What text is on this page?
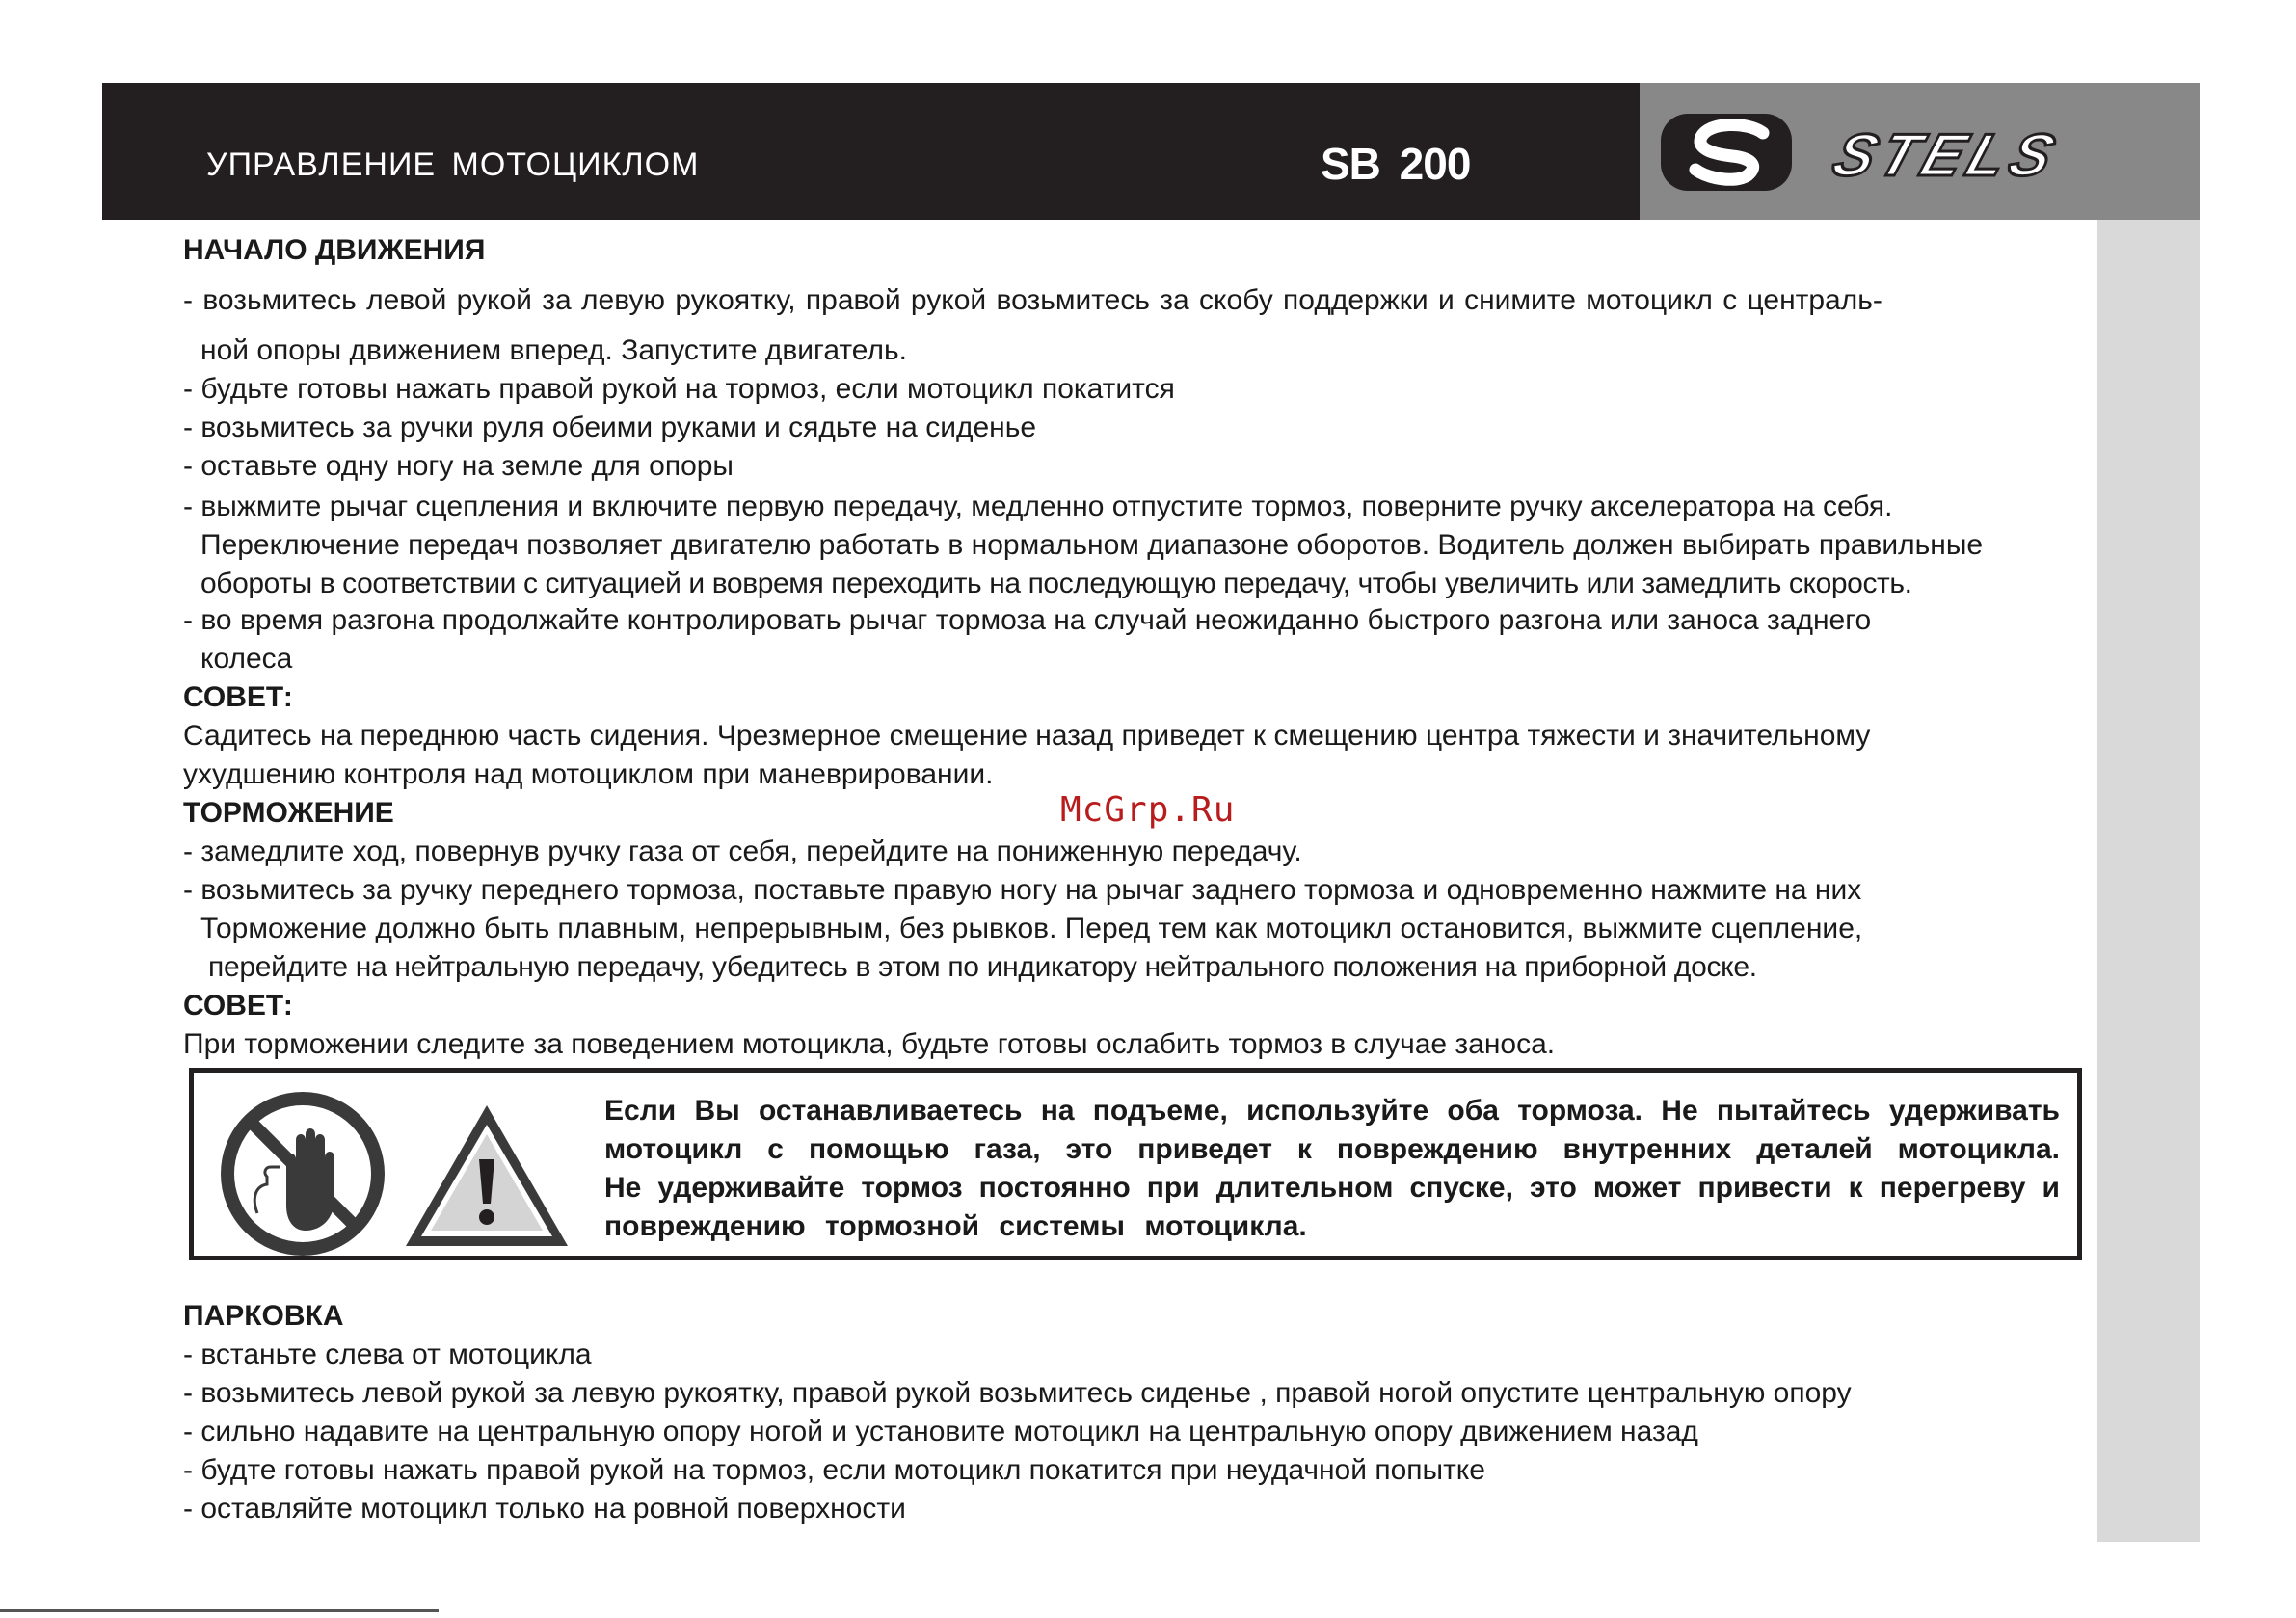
УПРАВЛЕНИЕ МОТОЦИКЛОМ	SB 200	STELS
НАЧАЛО ДВИЖЕНИЯ
- возьмитесь левой рукой за левую рукоятку, правой рукой возьмитесь за скобу поддержки и снимите мотоцикл с централь-
ной опоры движением вперед. Запустите двигатель.
- будьте готовы нажать правой рукой на тормоз, если мотоцикл покатится
- возьмитесь за ручки руля обеими руками и сядьте на сиденье
- оставьте одну ногу на земле для опоры
- выжмите рычаг сцепления и включите первую передачу, медленно отпустите тормоз, поверните ручку акселератора на себя.
Переключение передач позволяет двигателю работать в нормальном диапазоне оборотов. Водитель должен выбирать правильные
обороты в соответствии с ситуацией и вовремя переходить на последующую передачу, чтобы увеличить или замедлить скорость.
- во время разгона продолжайте контролировать рычаг тормоза на случай неожиданно быстрого разгона или заноса заднего
колеса
СОВЕТ:
Садитесь на переднюю часть сидения. Чрезмерное смещение назад приведет к смещению центра тяжести и значительному
ухудшению контроля над мотоциклом при маневрировании.
ТОРМОЖЕНИЕ
- замедлите ход, повернув ручку газа от себя, перейдите на пониженную передачу.
- возьмитесь за ручку переднего тормоза, поставьте правую ногу на рычаг заднего тормоза и одновременно нажмите на них
Торможение должно быть плавным, непрерывным, без рывков. Перед тем как мотоцикл остановится, выжмите сцепление,
перейдите на нейтральную передачу, убедитесь в этом по индикатору нейтрального положения на приборной доске.
СОВЕТ:
При торможении следите за поведением мотоцикла, будьте готовы ослабить тормоз в случае заноса.
ПАРКОВКА
- встаньте слева от мотоцикла
- возьмитесь левой рукой за левую рукоятку, правой рукой возьмитесь сиденье , правой ногой опустите центральную опору
- сильно надавите на центральную опору ногой и установите мотоцикл на центральную опору движением назад
- будте готовы нажать правой рукой на тормоз, если мотоцикл покатится при неудачной попытке
- оставляйте мотоцикл только на ровной поверхности
McGrp.Ru
Если Вы останавливаетесь на подъеме, используйте оба тормоза. Не пытайтесь удерживать
мотоцикл с помощью газа, это приведет к повреждению внутренних деталей мотоцикла.
Не удерживайте тормоз постоянно при длительном спуске, это может привести к перегреву и
повреждению тормозной системы мотоцикла.
